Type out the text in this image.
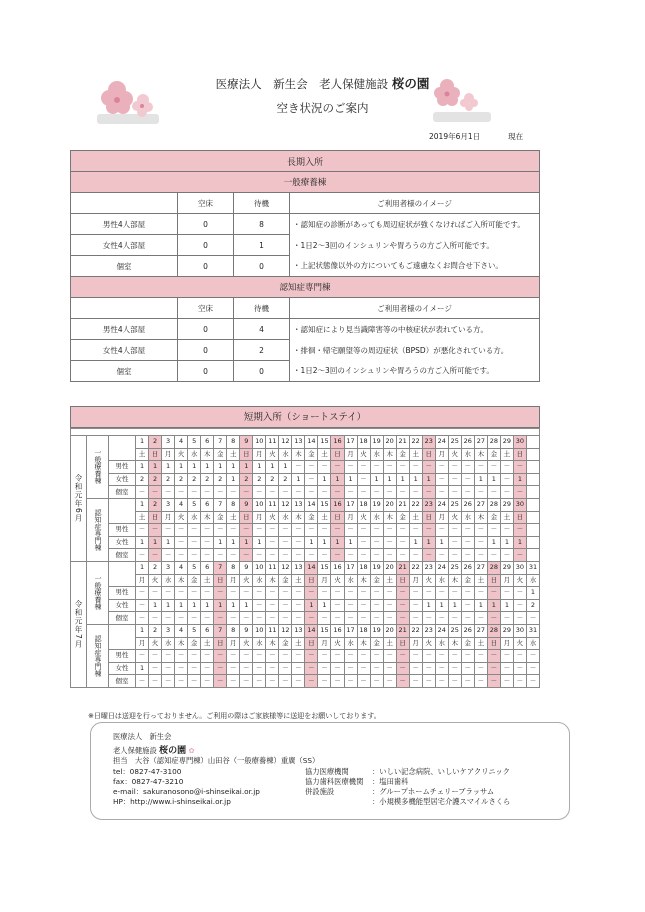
医療法人　新生会　老人保健施設 桜の園
空き状況のご案内
2019年6月1日	現在
長期入所			
一般療養棟			
	空床	待機	ご利用者様のイメージ
男性4人部屋	0	8	・認知症の診断があっても周辺症状が強くなければご入所可能です。
女性4人部屋	0	1	・1日2～3回のインシュリンや胃ろうの方ご入所可能です。
個室	0	0	・上記状態像以外の方についてもご遠慮なくお問合せ下さい。
認知症専門棟			
	空床	待機	ご利用者様のイメージ
男性4人部屋	0	4	・認知症により見当識障害等の中核症状が表れている方。
女性4人部屋	0	2	・排徊・帰宅願望等の周辺症状（BPSD）が悪化されている方。
個室	0	0	・1日2～3回のインシュリンや胃ろうの方ご入所可能です。
短期入所（ショートステイ）

令和元年6月	一般療養棟		1	2	3	4	5	6	7	8	9	10	11	12	13	14	15	16	17	18	19	20	21	22	23	24	25	26	27	28	29	30	
			土	日	月	火	水	木	金	土	日	月	火	水	木	金	土	日	月	火	水	木	金	土	日	月	火	水	木	金	土	日	
		男性	1	1	1	1	1	1	1	1	1	1	1	1	－	－	－	－	－	－	－	－	－	－	－	－	－	－	－	－	－	－	
		女性	2	2	2	2	2	2	2	1	2	2	2	2	1	－	1	1	1	－	1	1	1	1	1	－	－	－	1	1	－	1	
		個室	－	－	－	－	－	－	－	－	－	－	－	－	－	－	－	－	－	－	－	－	－	－	－	－	－	－	－	－	－	－	
	認知症専門棟		1	2	3	4	5	6	7	8	9	10	11	12	13	14	15	16	17	18	19	20	21	22	23	24	25	26	27	28	29	30	
			土	日	月	火	水	木	金	土	日	月	火	水	木	金	土	日	月	火	水	木	金	土	日	月	火	水	木	金	土	日	
		男性	－	－	－	－	－	－	－	－	－	－	－	－	－	－	－	－	－	－	－	－	－	－	－	－	－	－	－	－	－	－	
		女性	1	1	1	－	－	－	1	1	1	1	－	－	－	1	1	1	1	－	－	－	－	1	1	1	－	－	－	1	1	1	
		個室	－	－	－	－	－	－	－	－	－	－	－	－	－	－	－	－	－	－	－	－	－	－	－	－	－	－	－	－	－	－	
令和元年7月	一般療養棟		1	2	3	4	5	6	7	8	9	10	11	12	13	14	15	16	17	18	19	20	21	22	23	24	25	26	27	28	29	30	31
			月	火	水	木	金	土	日	月	火	水	木	金	土	日	月	火	水	木	金	土	日	月	火	水	木	金	土	日	月	火	水
		男性	－	－	－	－	－	－	－	－	－	－	－	－	－	－	－	－	－	－	－	－	－	－	－	－	－	－	－	－	－	－	1
		女性	－	1	1	1	1	1	1	1	1	－	－	－	－	1	1	－	－	－	－	－	－	－	1	1	1	－	1	1	1	－	2
		個室	－	－	－	－	－	－	－	－	－	－	－	－	－	－	－	－	－	－	－	－	－	－	－	－	－	－	－	－	－	－	－
	認知症専門棟		1	2	3	4	5	6	7	8	9	10	11	12	13	14	15	16	17	18	19	20	21	22	23	24	25	26	27	28	29	30	31
			月	火	水	木	金	土	日	月	火	水	木	金	土	日	月	火	水	木	金	土	日	月	火	水	木	金	土	日	月	火	水
		男性	－	－	－	－	－	－	－	－	－	－	－	－	－	－	－	－	－	－	－	－	－	－	－	－	－	－	－	－	－	－	－
		女性	1	－	－	－	－	－	－	－	－	－	－	－	－	－	－	－	－	－	－	－	－	－	－	－	－	－	－	－	－	－	－
		個室	－	－	－	－	－	－	－	－	－	－	－	－	－	－	－	－	－	－	－	－	－	－	－	－	－	－	－	－	－	－	－
※日曜日は送迎を行っておりません。ご利用の際はご家族様等に送迎をお願いしております。
医療法人　新生会
老人保健施設 桜の園 ✿
担当　大谷（認知症専門棟）山田谷（一般療養棟）重廣（SS）
tel：0827-47-3100
fax：0827-47-3210
e-mail：sakuranosono@i-shinseikai.or.jp
HP：http://www.i-shinseikai.or.jp
協力医療機関	：いしい記念病院、いしいケアクリニック
協力歯科医療機関 ：塩田歯科
併設施設	：グループホームチェリーブラッサム
：小規模多機能型居宅介護スマイルさくら
